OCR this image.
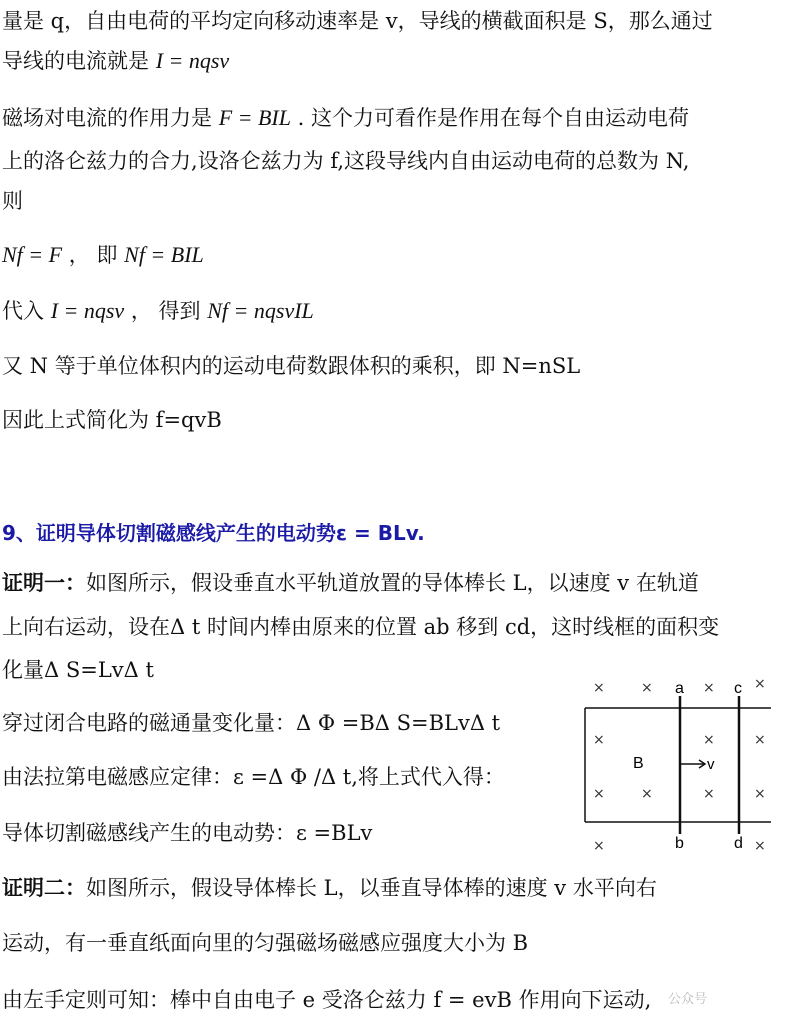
量是 q，自由电荷的平均定向移动速率是 v，导线的横截面积是 S，那么通过
导线的电流就是 I = nqsv
磁场对电流的作用力是 F = BIL . 这个力可看作是作用在每个自由运动电荷
上的洛仑兹力的合力,设洛仑兹力为 f,这段导线内自由运动电荷的总数为 N,
则
Nf = F ， 即 Nf = BIL
代入 I = nqsv ， 得到 Nf = nqsvIL
又 N 等于单位体积内的运动电荷数跟体积的乘积，即 N=nSL
因此上式简化为 f=qvB
9、证明导体切割磁感线产生的电动势ε = BLv.
证明一：如图所示，假设垂直水平轨道放置的导体棒长 L，以速度 v 在轨道
上向右运动，设在Δ t 时间内棒由原来的位置 ab 移到 cd，这时线框的面积变
化量Δ S=LvΔ t
穿过闭合电路的磁通量变化量：Δ Φ =BΔ S=BLvΔ t
由法拉第电磁感应定律：ε =Δ Φ /Δ t,将上式代入得：
导体切割磁感线产生的电动势：ε =BLv
证明二：如图所示，假设导体棒长 L，以垂直导体棒的速度 v 水平向右
运动，有一垂直纸面向里的匀强磁场磁感应强度大小为 B
由左手定则可知：棒中自由电子 e 受洛仑兹力 f = evB 作用向下运动,
a
b
c
d
B	v
×	×	×	×
×	×	×
×	×	×	×
×	×
公众号
